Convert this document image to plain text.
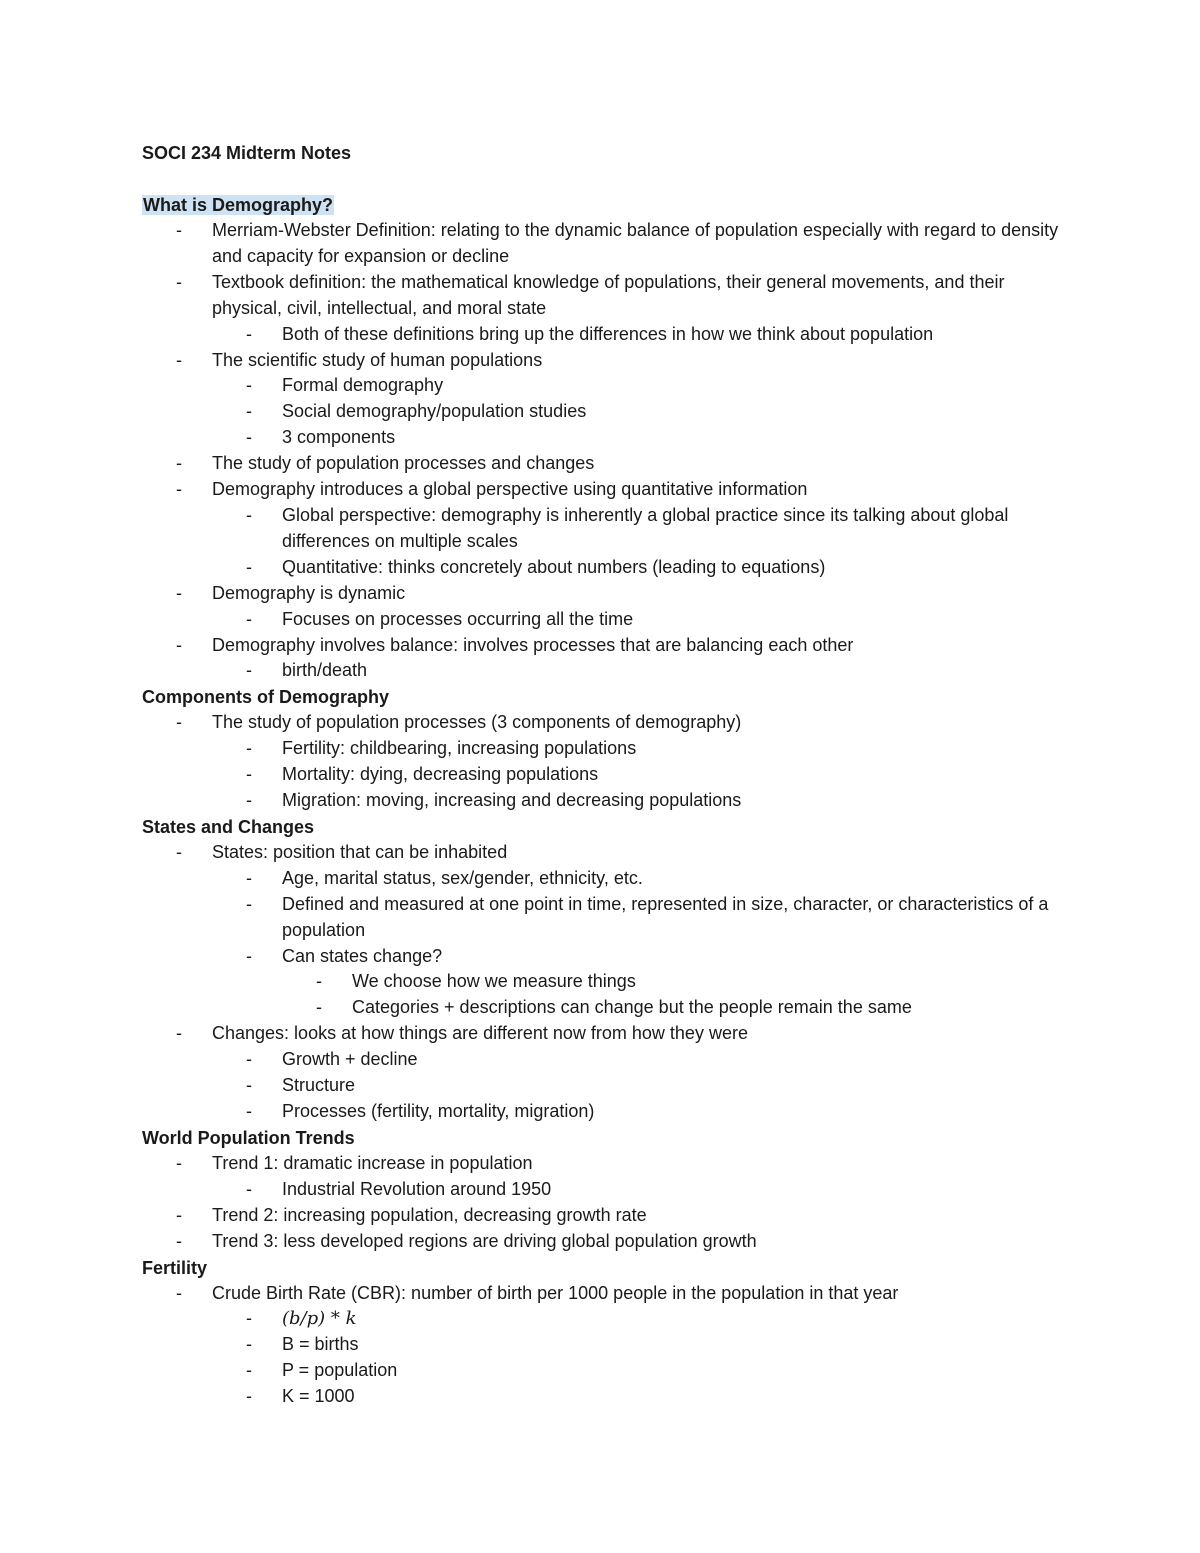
SOCI 234 Midterm Notes
What is Demography?
- Merriam-Webster Definition: relating to the dynamic balance of population especially with regard to density and capacity for expansion or decline
- Textbook definition: the mathematical knowledge of populations, their general movements, and their physical, civil, intellectual, and moral state
- Both of these definitions bring up the differences in how we think about population
- The scientific study of human populations
- Formal demography
- Social demography/population studies
- 3 components
- The study of population processes and changes
- Demography introduces a global perspective using quantitative information
- Global perspective: demography is inherently a global practice since its talking about global differences on multiple scales
- Quantitative: thinks concretely about numbers (leading to equations)
- Demography is dynamic
- Focuses on processes occurring all the time
- Demography involves balance: involves processes that are balancing each other
- birth/death
Components of Demography
- The study of population processes (3 components of demography)
- Fertility: childbearing, increasing populations
- Mortality: dying, decreasing populations
- Migration: moving, increasing and decreasing populations
States and Changes
- States: position that can be inhabited
- Age, marital status, sex/gender, ethnicity, etc.
- Defined and measured at one point in time, represented in size, character, or characteristics of a population
- Can states change?
- We choose how we measure things
- Categories + descriptions can change but the people remain the same
- Changes: looks at how things are different now from how they were
- Growth + decline
- Structure
- Processes (fertility, mortality, migration)
World Population Trends
- Trend 1: dramatic increase in population
- Industrial Revolution around 1950
- Trend 2: increasing population, decreasing growth rate
- Trend 3: less developed regions are driving global population growth
Fertility
- Crude Birth Rate (CBR): number of birth per 1000 people in the population in that year
- (b/p) * k
- B = births
- P = population
- K = 1000
